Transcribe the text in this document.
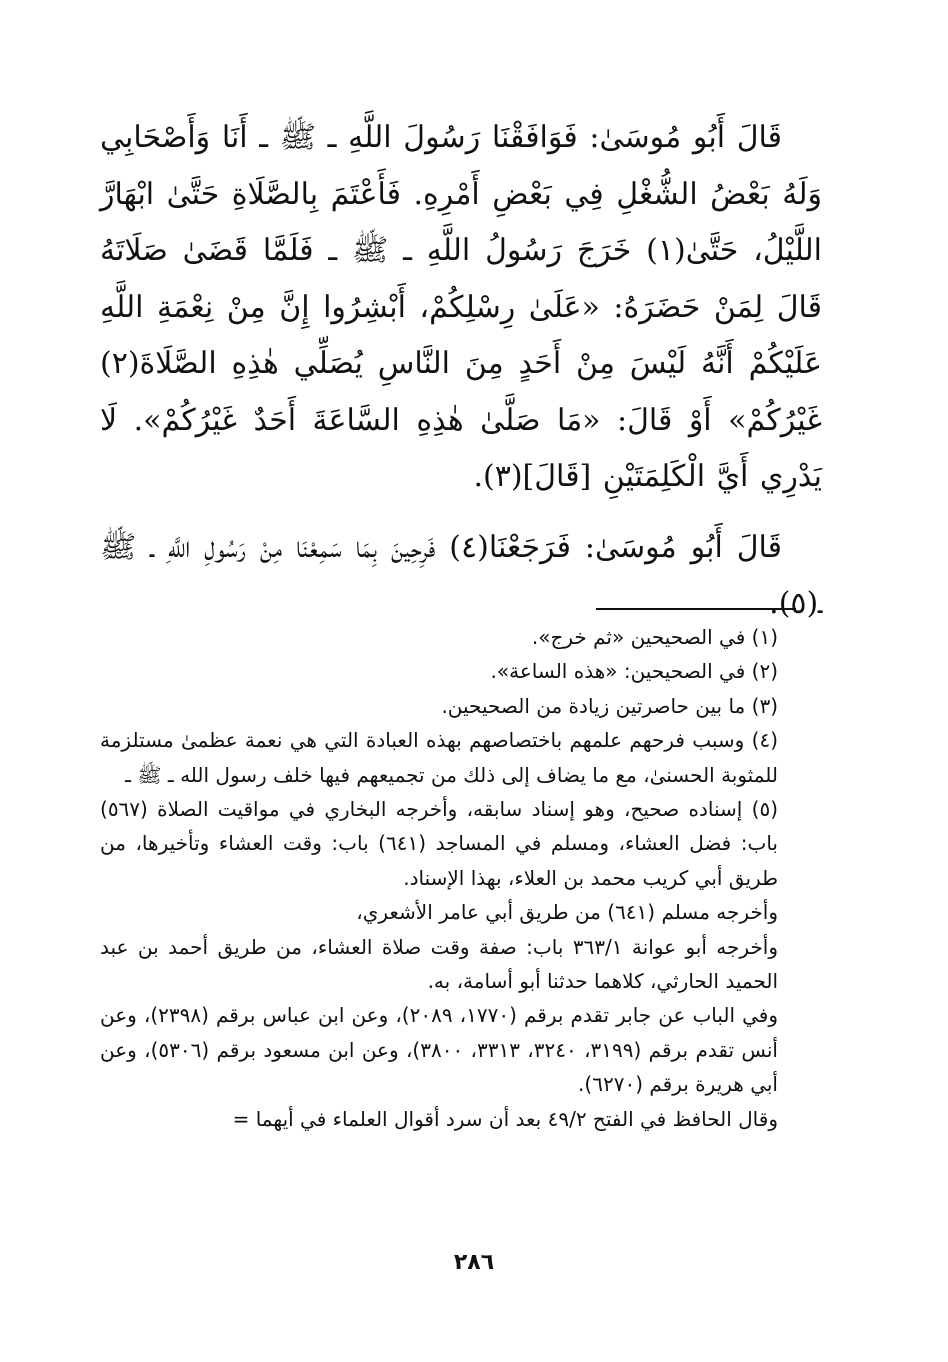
قَالَ أَبُو مُوسَىٰ: فَوَافَقْنَا رَسُولَ اللَّهِ ـ ﷺ ـ أَنَا وَأَصْحَابِي وَلَهُ بَعْضُ الشُّغْلِ فِي بَعْضِ أَمْرِهِ. فَأَعْتَمَ بِالصَّلَاةِ حَتَّىٰ ابْهَارَّ اللَّيْلُ، حَتَّىٰ(١) خَرَجَ رَسُولُ اللَّهِ ـ ﷺ ـ فَلَمَّا قَضَىٰ صَلَاتَهُ قَالَ لِمَنْ حَضَرَهُ: «عَلَىٰ رِسْلِكُمْ، أَبْشِرُوا إِنَّ مِنْ نِعْمَةِ اللَّهِ عَلَيْكُمْ أَنَّهُ لَيْسَ مِنْ أَحَدٍ مِنَ النَّاسِ يُصَلِّي هٰذِهِ الصَّلَاةَ(٢) غَيْرُكُمْ» أَوْ قَالَ: «مَا صَلَّىٰ هٰذِهِ السَّاعَةَ أَحَدٌ غَيْرُكُمْ». لَا يَدْرِي أَيَّ الْكَلِمَتَيْنِ [قَالَ](٣).

قَالَ أَبُو مُوسَىٰ: فَرَجَعْنَا(٤) فَرِحِينَ بِمَا سَمِعْنَا مِنْ رَسُولِ اللَّهِ ـ ﷺ ـ(٥).

(١) في الصحيحين «ثم خرج».

(٢) في الصحيحين: «هذه الساعة».

(٣) ما بين حاصرتين زيادة من الصحيحين.

(٤) وسبب فرحهم علمهم باختصاصهم بهذه العبادة التي هي نعمة عظمىٰ مستلزمة للمثوبة الحسنىٰ، مع ما يضاف إلى ذلك من تجميعهم فيها خلف رسول الله ـ ﷺ ـ

(٥) إسناده صحيح، وهو إسناد سابقه، وأخرجه البخاري في مواقيت الصلاة (٥٦٧) باب: فضل العشاء، ومسلم في المساجد (٦٤١) باب: وقت العشاء وتأخيرها، من طريق أبي كريب محمد بن العلاء، بهذا الإسناد.

وأخرجه مسلم (٦٤١) من طريق أبي عامر الأشعري،

وأخرجه أبو عوانة ٣٦٣/١ باب: صفة وقت صلاة العشاء، من طريق أحمد بن عبد الحميد الحارثي، كلاهما حدثنا أبو أسامة، به.

وفي الباب عن جابر تقدم برقم (١٧٧٠، ٢٠٨٩)، وعن ابن عباس برقم (٢٣٩٨)، وعن أنس تقدم برقم (٣١٩٩، ٣٢٤٠، ٣٣١٣، ٣٨٠٠)، وعن ابن مسعود برقم (٥٣٠٦)، وعن أبي هريرة برقم (٦٢٧٠).

وقال الحافظ في الفتح ٤٩/٢ بعد أن سرد أقوال العلماء في أيهما =

٢٨٦
